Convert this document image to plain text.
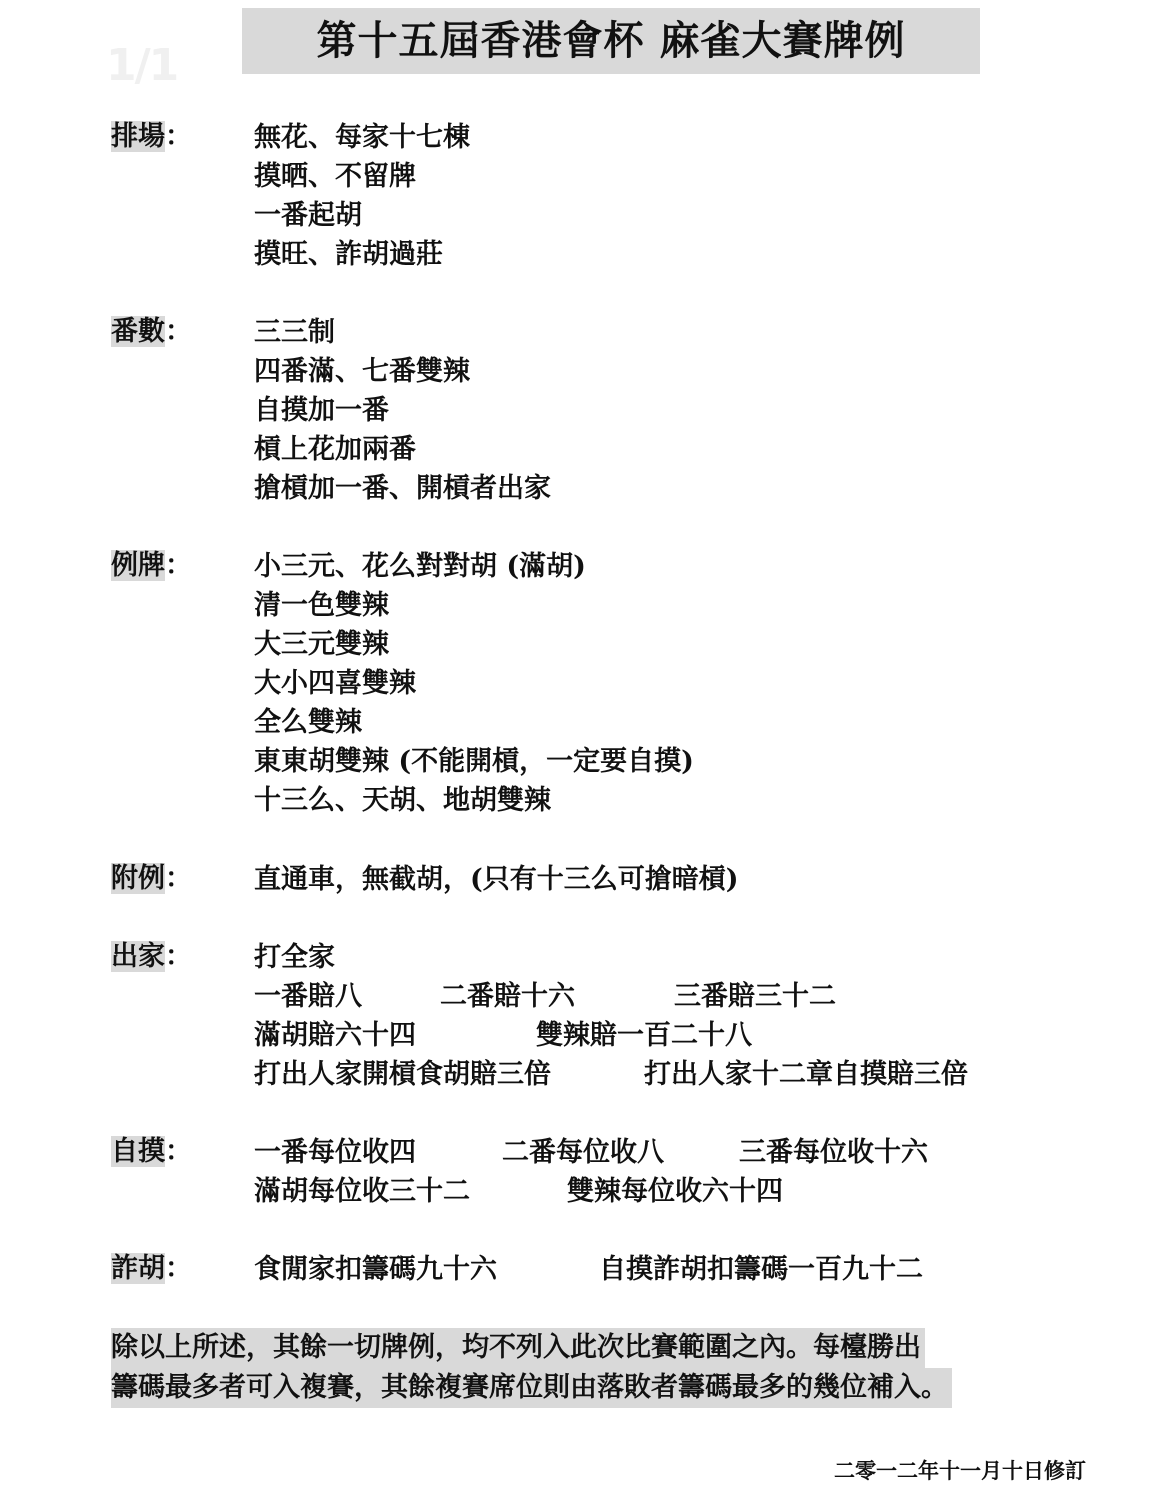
1/1	第十五屆香港會杯 麻雀大賽牌例
排場： 無花、每家十七棟
摸晒、不留牌
一番起胡
摸旺、詐胡過莊
番數： 三三制
四番滿、七番雙辣
自摸加一番
槓上花加兩番
搶槓加一番、開槓者出家
例牌： 小三元、花么對對胡 (滿胡)
清一色雙辣
大三元雙辣
大小四喜雙辣
全么雙辣
東東胡雙辣 (不能開槓，一定要自摸)
十三么、天胡、地胡雙辣
附例： 直通車，無截胡，(只有十三么可搶暗槓)
出家： 打全家
一番賠八	二番賠十六	三番賠三十二
滿胡賠六十四	雙辣賠一百二十八
打出人家開槓食胡賠三倍	打出人家十二章自摸賠三倍
自摸： 一番每位收四	二番每位收八	三番每位收十六
滿胡每位收三十二	雙辣每位收六十四
詐胡： 食閒家扣籌碼九十六	自摸詐胡扣籌碼一百九十二
除以上所述，其餘一切牌例，均不列入此次比賽範圍之內。每檯勝出
籌碼最多者可入複賽，其餘複賽席位則由落敗者籌碼最多的幾位補入。
二零一二年十一月十日修訂
